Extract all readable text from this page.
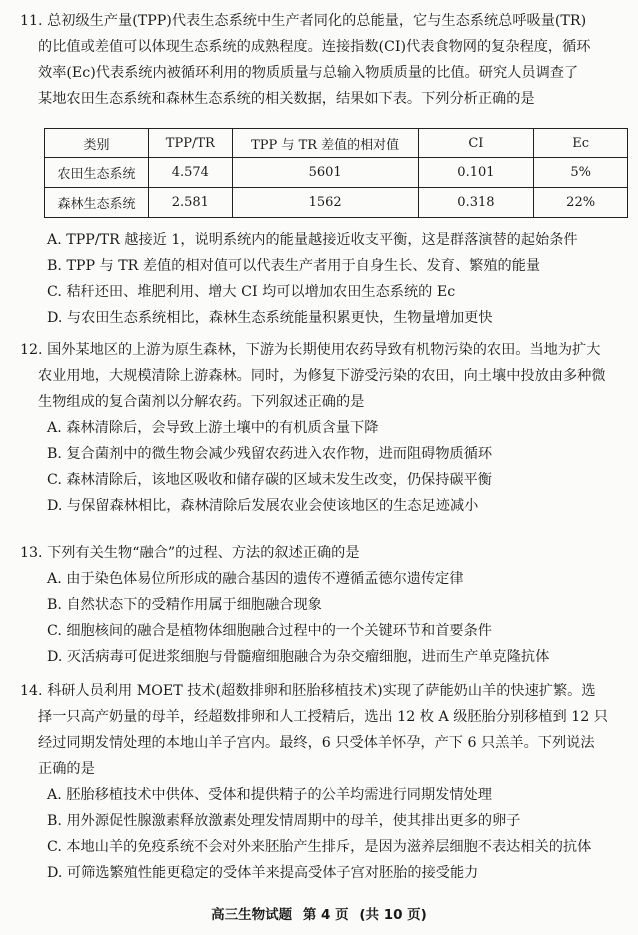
11. 总初级生产量(TPP)代表生态系统中生产者同化的总能量，它与生态系统总呼吸量(TR)
的比值或差值可以体现生态系统的成熟程度。连接指数(CI)代表食物网的复杂程度，循环
效率(Ec)代表系统内被循环利用的物质质量与总输入物质质量的比值。研究人员调查了
某地农田生态系统和森林生态系统的相关数据，结果如下表。下列分析正确的是
类别	TPP/TR	TPP 与 TR 差值的相对值	CI	Ec
农田生态系统	4.574	5601	0.101	5%
森林生态系统	2.581	1562	0.318	22%
A. TPP/TR 越接近 1，说明系统内的能量越接近收支平衡，这是群落演替的起始条件
B. TPP 与 TR 差值的相对值可以代表生产者用于自身生长、发育、繁殖的能量
C. 秸秆还田、堆肥利用、增大 CI 均可以增加农田生态系统的 Ec
D. 与农田生态系统相比，森林生态系统能量积累更快，生物量增加更快
12. 国外某地区的上游为原生森林，下游为长期使用农药导致有机物污染的农田。当地为扩大
农业用地，大规模清除上游森林。同时，为修复下游受污染的农田，向土壤中投放由多种微
生物组成的复合菌剂以分解农药。下列叙述正确的是
A. 森林清除后，会导致上游土壤中的有机质含量下降
B. 复合菌剂中的微生物会减少残留农药进入农作物，进而阻碍物质循环
C. 森林清除后，该地区吸收和储存碳的区域未发生改变，仍保持碳平衡
D. 与保留森林相比，森林清除后发展农业会使该地区的生态足迹减小
13. 下列有关生物“融合”的过程、方法的叙述正确的是
A. 由于染色体易位所形成的融合基因的遗传不遵循孟德尔遗传定律
B. 自然状态下的受精作用属于细胞融合现象
C. 细胞核间的融合是植物体细胞融合过程中的一个关键环节和首要条件
D. 灭活病毒可促进浆细胞与骨髓瘤细胞融合为杂交瘤细胞，进而生产单克隆抗体
14. 科研人员利用 MOET 技术(超数排卵和胚胎移植技术)实现了萨能奶山羊的快速扩繁。选
择一只高产奶量的母羊，经超数排卵和人工授精后，选出 12 枚 A 级胚胎分别移植到 12 只
经过同期发情处理的本地山羊子宫内。最终，6 只受体羊怀孕，产下 6 只羔羊。下列说法
正确的是
A. 胚胎移植技术中供体、受体和提供精子的公羊均需进行同期发情处理
B. 用外源促性腺激素释放激素处理发情周期中的母羊，使其排出更多的卵子
C. 本地山羊的免疫系统不会对外来胚胎产生排斥，是因为滋养层细胞不表达相关的抗体
D. 可筛选繁殖性能更稳定的受体羊来提高受体子宫对胚胎的接受能力
高三生物试题 第 4 页 (共 10 页)
